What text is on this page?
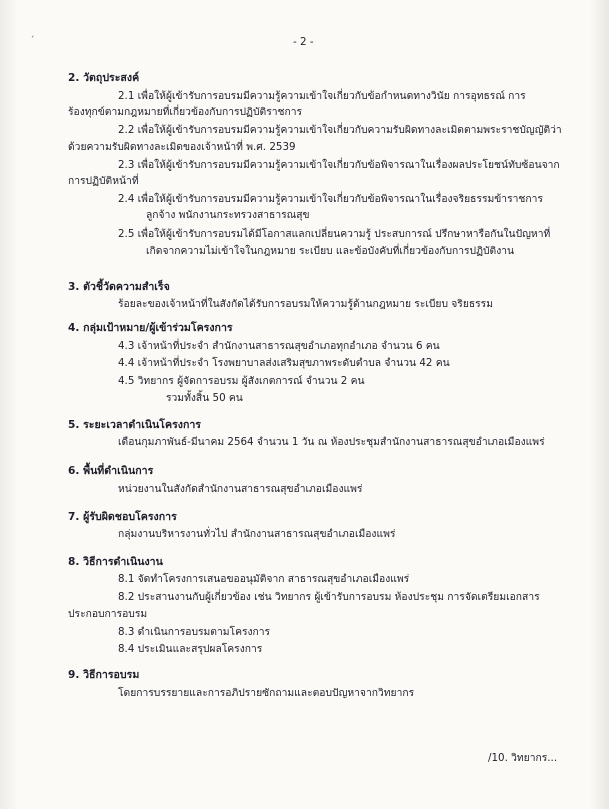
ˊ	- 2 -
2. วัตถุประสงค์
2.1 เพื่อให้ผู้เข้ารับการอบรมมีความรู้ความเข้าใจเกี่ยวกับข้อกำหนดทางวินัย การอุทธรณ์ การ
ร้องทุกข์ตามกฎหมายที่เกี่ยวข้องกับการปฏิบัติราชการ
2.2 เพื่อให้ผู้เข้ารับการอบรมมีความรู้ความเข้าใจเกี่ยวกับความรับผิดทางละเมิดตามพระราชบัญญัติว่า
ด้วยความรับผิดทางละเมิดของเจ้าหน้าที่ พ.ศ. 2539
2.3 เพื่อให้ผู้เข้ารับการอบรมมีความรู้ความเข้าใจเกี่ยวกับข้อพิจารณาในเรื่องผลประโยชน์ทับซ้อนจาก
การปฏิบัติหน้าที่
2.4 เพื่อให้ผู้เข้ารับการอบรมมีความรู้ความเข้าใจเกี่ยวกับข้อพิจารณาในเรื่องจริยธรรมข้าราชการ
ลูกจ้าง พนักงานกระทรวงสาธารณสุข
2.5 เพื่อให้ผู้เข้ารับการอบรมได้มีโอกาสแลกเปลี่ยนความรู้ ประสบการณ์ ปรึกษาหารือกันในปัญหาที่
เกิดจากความไม่เข้าใจในกฎหมาย ระเบียบ และข้อบังคับที่เกี่ยวข้องกับการปฏิบัติงาน
3. ตัวชี้วัดความสำเร็จ
ร้อยละของเจ้าหน้าที่ในสังกัดได้รับการอบรมให้ความรู้ด้านกฎหมาย ระเบียบ จริยธรรม
4. กลุ่มเป้าหมาย/ผู้เข้าร่วมโครงการ
4.3 เจ้าหน้าที่ประจำ สำนักงานสาธารณสุขอำเภอทุกอำเภอ จำนวน 6 คน
4.4 เจ้าหน้าที่ประจำ โรงพยาบาลส่งเสริมสุขภาพระดับตำบล จำนวน 42 คน
4.5 วิทยากร ผู้จัดการอบรม ผู้สังเกตการณ์ จำนวน 2 คน
รวมทั้งสิ้น 50 คน
5. ระยะเวลาดำเนินโครงการ
เดือนกุมภาพันธ์-มีนาคม 2564 จำนวน 1 วัน ณ ห้องประชุมสำนักงานสาธารณสุขอำเภอเมืองแพร่
6. พื้นที่ดำเนินการ
หน่วยงานในสังกัดสำนักงานสาธารณสุขอำเภอเมืองแพร่
7. ผู้รับผิดชอบโครงการ
กลุ่มงานบริหารงานทั่วไป สำนักงานสาธารณสุขอำเภอเมืองแพร่
8. วิธีการดำเนินงาน
8.1 จัดทำโครงการเสนอขออนุมัติจาก สาธารณสุขอำเภอเมืองแพร่
8.2 ประสานงานกับผู้เกี่ยวข้อง เช่น วิทยากร ผู้เข้ารับการอบรม ห้องประชุม การจัดเตรียมเอกสาร
ประกอบการอบรม
8.3 ดำเนินการอบรมตามโครงการ
8.4 ประเมินและสรุปผลโครงการ
9. วิธีการอบรม
โดยการบรรยายและการอภิปรายซักถามและตอบปัญหาจากวิทยากร
/10. วิทยากร...
